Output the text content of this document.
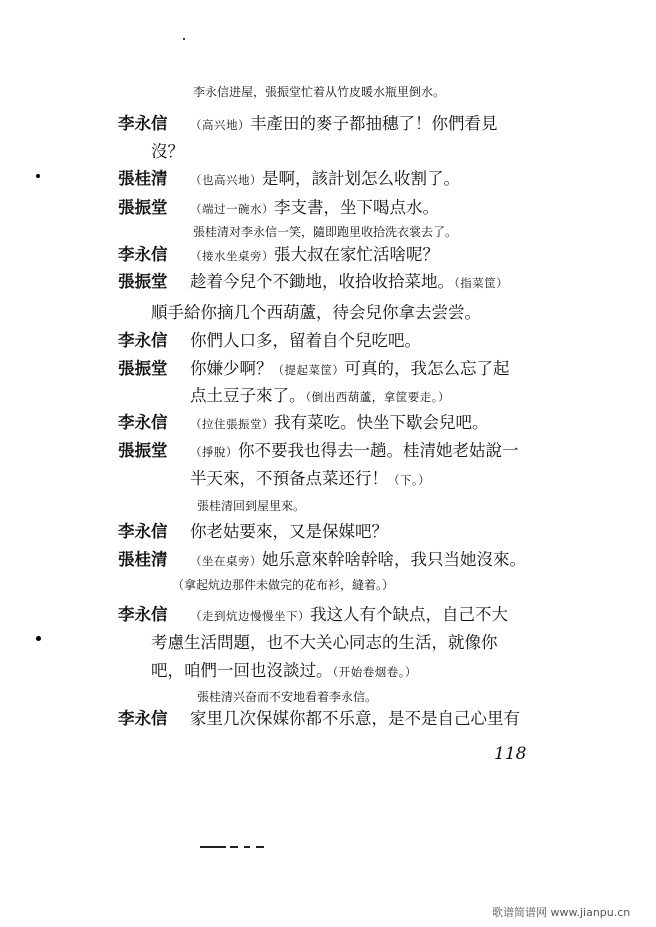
李永信进屋，張振堂忙着从竹皮暖水瓶里倒水。
李永信 （高兴地）丰產田的麥子都抽穗了！你們看見
沒？
張桂清 （也高兴地）是啊，該計划怎么收割了。
張振堂 （端过一碗水）李支書，坐下喝点水。
張桂清对李永信一笑，隨即跑里收拾洗衣裳去了。
李永信 （接水坐桌旁）張大叔在家忙活啥呢？
張振堂 趁着今兒个不鋤地，收拾收拾菜地。（指菜筐）
順手給你摘几个西葫蘆，待会兒你拿去尝尝。
李永信 你們人口多，留着自个兒吃吧。
張振堂 你嫌少啊？（提起菜筐）可真的，我怎么忘了起
点土豆子來了。（倒出西葫蘆，拿筐要走。）
李永信 （拉住張振堂）我有菜吃。快坐下歇会兒吧。
張振堂 （掙脫）你不要我也得去一趟。桂清她老姑說一
半天來，不預备点菜还行！（下。）
張桂清回到屋里來。
李永信 你老姑要來，又是保媒吧？
張桂清 （坐在桌旁）她乐意來幹啥幹啥，我只当她沒來。
（拿起炕边那件未做完的花布衫，縫着。）
李永信 （走到炕边慢慢坐下）我这人有个缺点，自己不大
考慮生活問題，也不大关心同志的生活，就像你
吧，咱們一回也沒談过。（开始卷烟卷。）
張桂清兴奋而不安地看着李永信。
李永信 家里几次保媒你都不乐意，是不是自己心里有
118
歌谱简谱网 www.jianpu.cn
